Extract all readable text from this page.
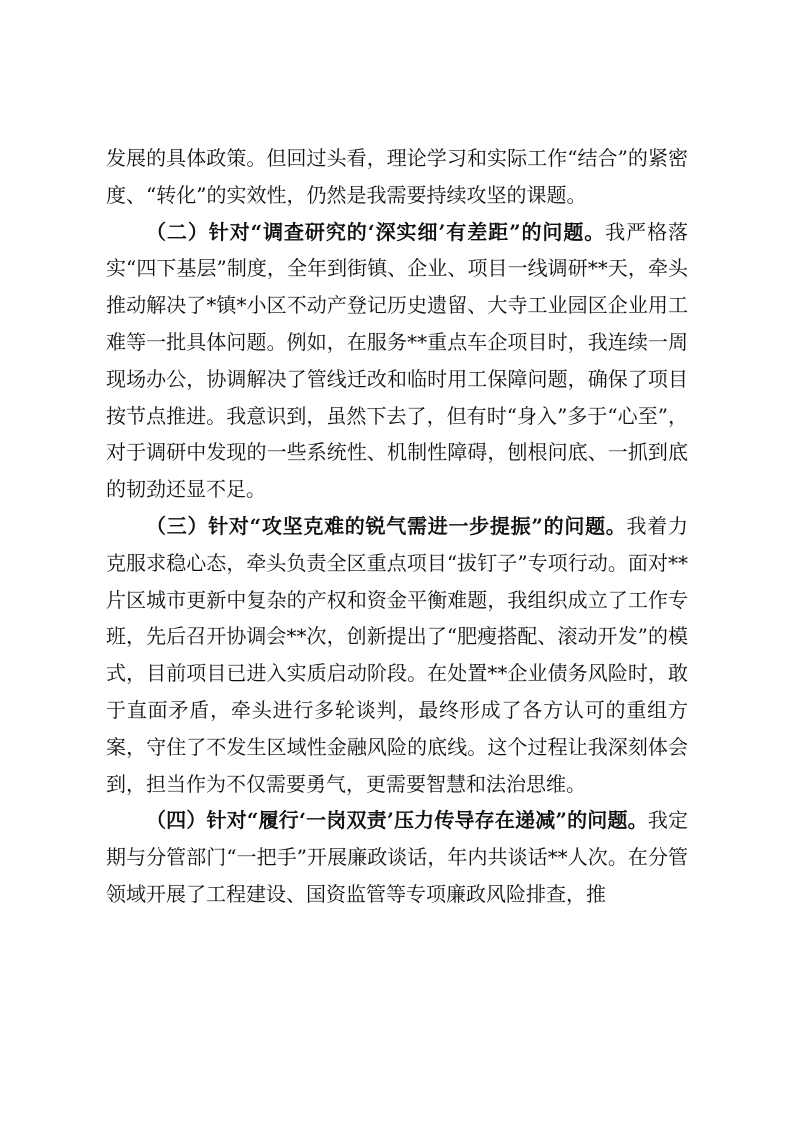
发展的具体政策。但回过头看，理论学习和实际工作“结合”的紧密度、“转化”的实效性，仍然是我需要持续攻坚的课题。

（二）针对“调查研究的‘深实细’有差距”的问题。我严格落实“四下基层”制度，全年到街镇、企业、项目一线调研**天，牵头推动解决了*镇*小区不动产登记历史遗留、大寺工业园区企业用工难等一批具体问题。例如，在服务**重点车企项目时，我连续一周现场办公，协调解决了管线迁改和临时用工保障问题，确保了项目按节点推进。我意识到，虽然下去了，但有时“身入”多于“心至”，对于调研中发现的一些系统性、机制性障碍，刨根问底、一抓到底的韧劲还显不足。

（三）针对“攻坚克难的锐气需进一步提振”的问题。我着力克服求稳心态，牵头负责全区重点项目“拔钉子”专项行动。面对**片区城市更新中复杂的产权和资金平衡难题，我组织成立了工作专班，先后召开协调会**次，创新提出了“肥瘦搭配、滚动开发”的模式，目前项目已进入实质启动阶段。在处置**企业债务风险时，敢于直面矛盾，牵头进行多轮谈判，最终形成了各方认可的重组方案，守住了不发生区域性金融风险的底线。这个过程让我深刻体会到，担当作为不仅需要勇气，更需要智慧和法治思维。

（四）针对“履行‘一岗双责’压力传导存在递减”的问题。我定期与分管部门“一把手”开展廉政谈话，年内共谈话**人次。在分管领域开展了工程建设、国资监管等专项廉政风险排查，推
